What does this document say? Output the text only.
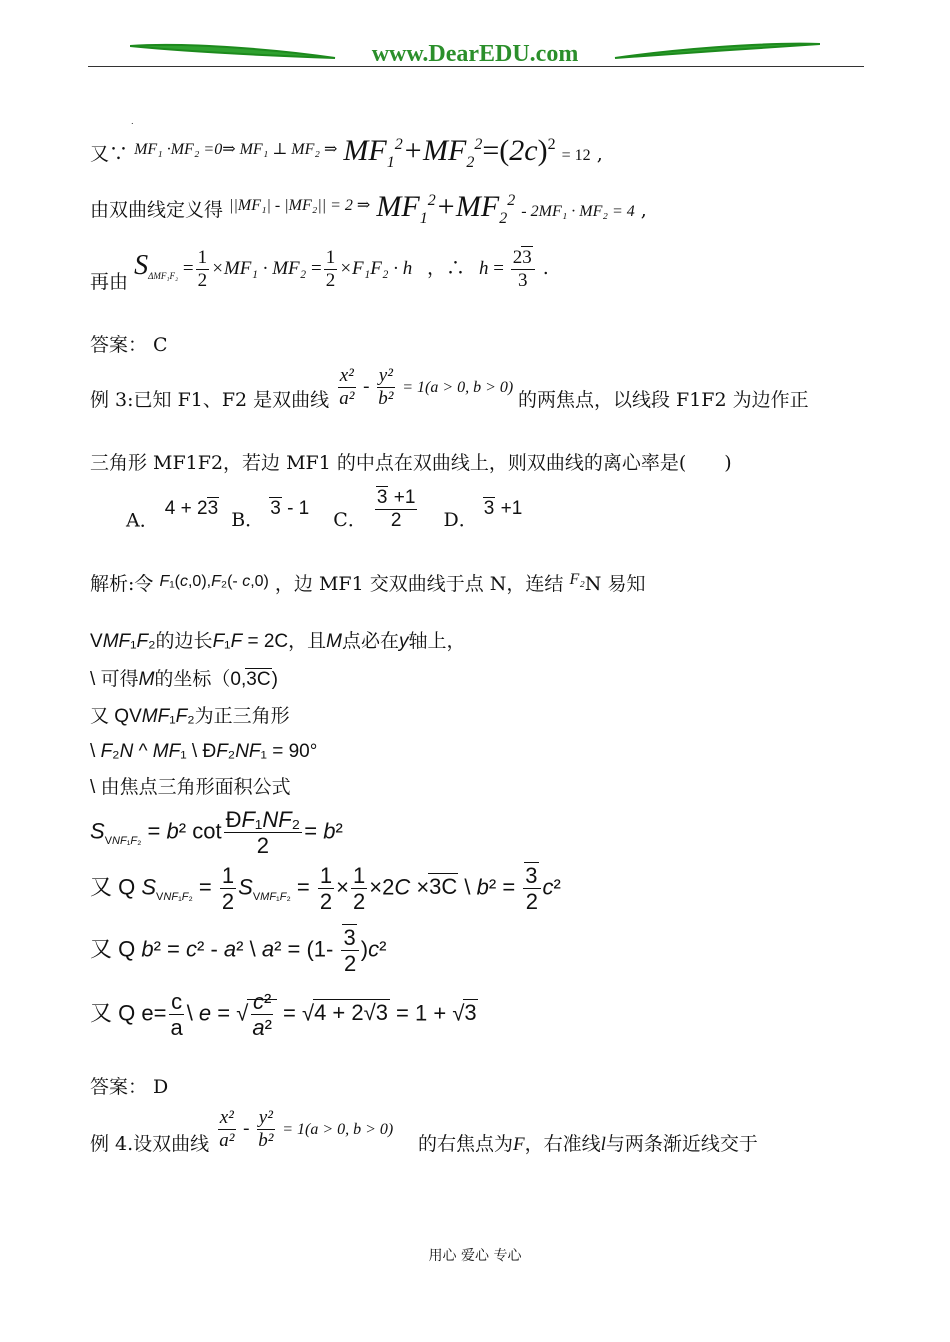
www.DearEDU.com
.
又∵ $^{MF_1 \cdot MF_2 =0\Rightarrow MF_1 \perp MF_2 \Rightarrow}$ $MF_1^2+MF_2^2=(2c)^2 = 12$ ,
由双曲线定义得 $^{||MF_1| - |MF_2|| = 2 \Rightarrow}$ $MF_1^2+MF_2^2 - 2MF_1 \cdot MF_2 = 4$ ,
再由 $S_{\Delta MF_1F_2} = \frac{1}{2} \times MF_1 \cdot MF_2 = \frac{1}{2} \times F_1F_2 \cdot h$ ，∴ $h = \frac{23}{3}$ .
答案： C
例 3:已知 F1、F2 是双曲线 $\frac{\text{x²}}{\text{a²}} - \frac{\text{y²}}{\text{b²}} = 1(a > 0$, b > 0) 的两焦点，以线段 F1F2 为边作正
三角形 MF1F2，若边 MF1 的中点在双曲线上，则双曲线的离心率是(　　)
A． 4 + 23 B． 3 - 1 C． $\frac{3 +1}{2}$ D． 3 +1
解析:令 $^{F_1(c,0),F_2(- c,0)}$ ，边 MF1 交双曲线于点 N，连结 $^{F_2}$N 易知
VMF₁F₂的边长F₁F = 2C，且M点必在y轴上，
\ 可得M的坐标（0,3C)
又 QVMF₁F₂为正三角形
\ F₂N ^ MF₁ \ ÐF₂NF₁ = 90°
\ 由焦点三角形面积公式
$S_{VNF_1F_2} = b^2$ $\cot \frac{\text{ÐF₁NF₂}}{2} = b^2$
又 Q $S_{VNF_1F_2} = \frac{1}{2} S_{VMF_1F_2} = \frac{1}{2} \times \frac{1}{2} \times 2C \times 3C$ \ $b^2 = \frac{3}{2} c^2$
又 Q b² = c² - a² \ $a^2 = (1- \frac{3}{2} )c^2$
又 Q $e= \frac{c}{a}$ \ e = √ $\frac{\text{c²}}{\text{a²}} = √4 + 2√3 = 1 + √3$
答案： D
例 4.设双曲线 $\frac{\text{x²}}{\text{a²}} - \frac{\text{y²}}{\text{b²}} = 1(a > 0$, b > 0) 的右焦点为F，右准线l与两条渐近线交于
用心 爱心 专心
